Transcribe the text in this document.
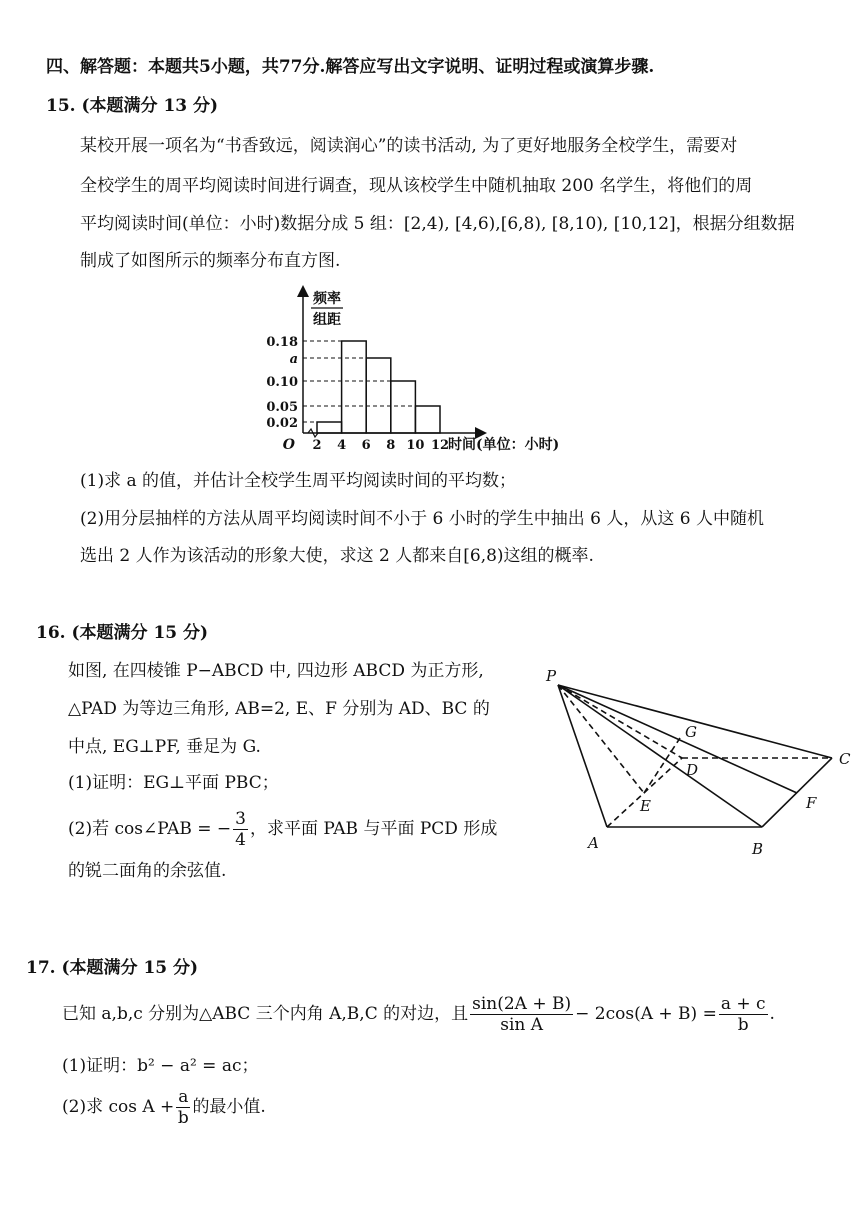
四、解答题：本题共5小题，共77分.解答应写出文字说明、证明过程或演算步骤.
15. (本题满分 13 分)
某校开展一项名为“书香致远，阅读润心”的读书活动, 为了更好地服务全校学生，需要对
全校学生的周平均阅读时间进行调查，现从该校学生中随机抽取 200 名学生，将他们的周
平均阅读时间(单位：小时)数据分成 5 组：[2,4), [4,6),[6,8), [8,10), [10,12]，根据分组数据
制成了如图所示的频率分布直方图.
0.18
a
0.10
0.05
0.02
2 4 6 8 10 12
O	时间(单位：小时)
频率
组距
(1)求 a 的值，并估计全校学生周平均阅读时间的平均数；
(2)用分层抽样的方法从周平均阅读时间不小于 6 小时的学生中抽出 6 人，从这 6 人中随机
选出 2 人作为该活动的形象大使，求这 2 人都来自[6,8)这组的概率.
16. (本题满分 15 分)
如图, 在四棱锥 P−ABCD 中, 四边形 ABCD 为正方形,
△PAD 为等边三角形, AB=2, E、F 分别为 AD、BC 的
中点, EG⊥PF, 垂足为 G.
(1)证明：EG⊥平面 PBC；
(2)若 cos∠PAB = − $\frac{3}{4}$ ，求平面 PAB 与平面 PCD 形成
的锐二面角的余弦值.
P
A	B
C
D
E	F
G
17. (本题满分 15 分)
已知 a,b,c 分别为△ABC 三个内角 A,B,C 的对边，且 $\frac{\sin(2A + B)}{\text{sin A}} - 2\cos(A + B) = \frac{a + c}{b}$ .
(1)证明：b² − a² = ac；
(2)求 $\cos A + \frac{a}{b}$ 的最小值.
